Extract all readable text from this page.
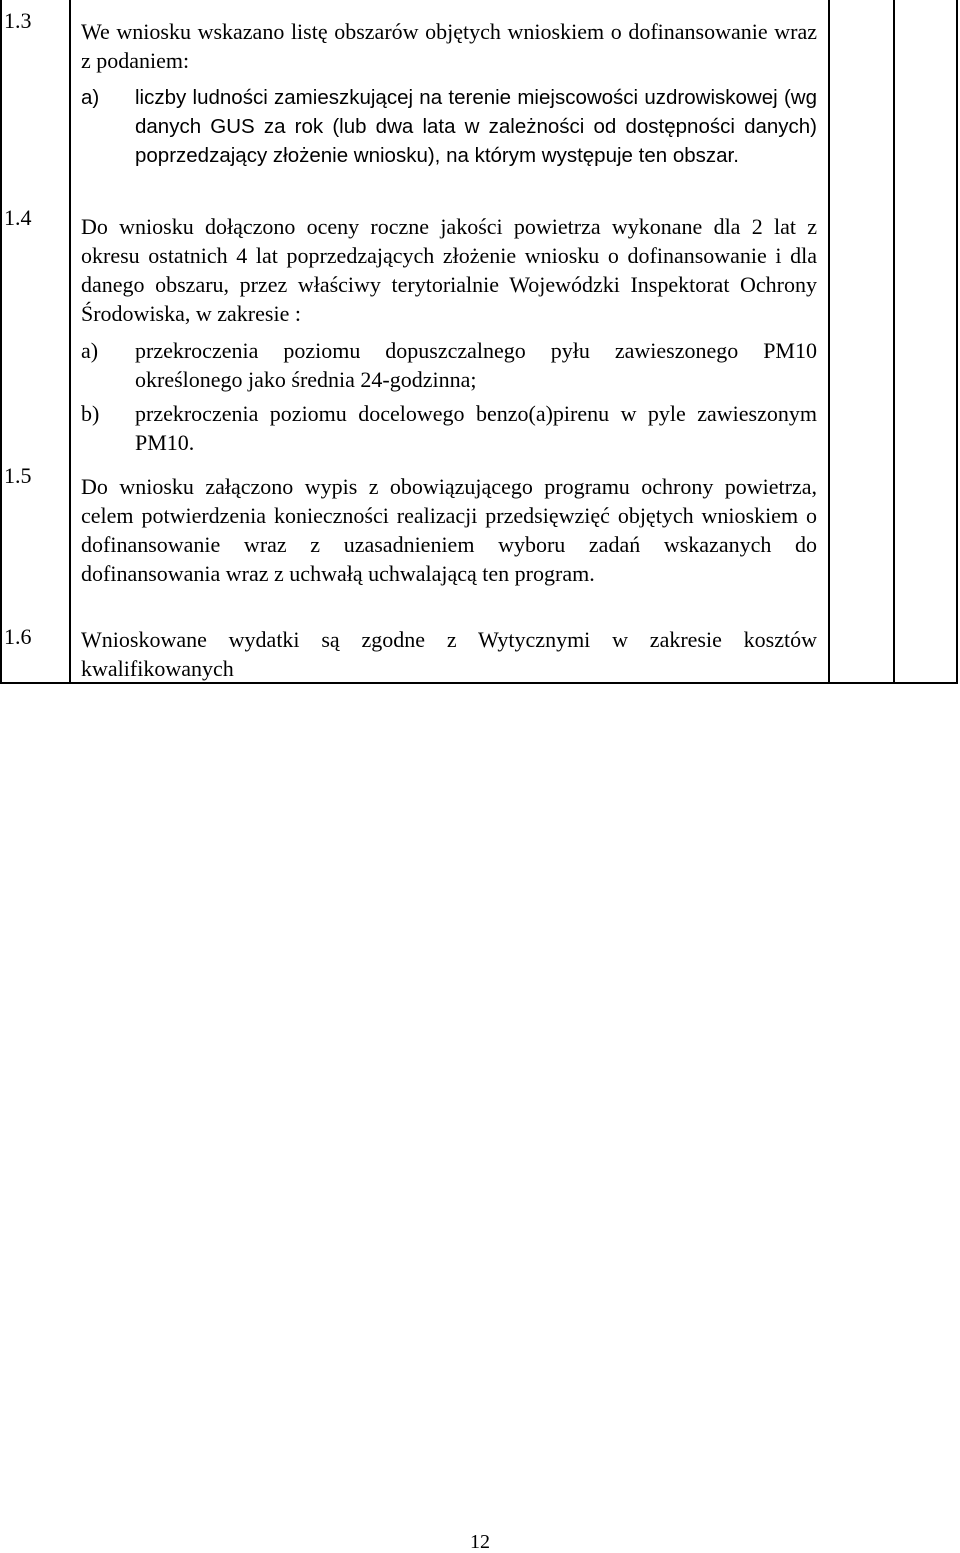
1.3 We wniosku wskazano listę obszarów objętych wnioskiem o dofinansowanie wraz z podaniem:
a) liczby ludności zamieszkującej na terenie miejscowości uzdrowiskowej (wg danych GUS za rok (lub dwa lata w zależności od dostępności danych) poprzedzający złożenie wniosku), na którym występuje ten obszar.
1.4 Do wniosku dołączono oceny roczne jakości powietrza wykonane dla 2 lat z okresu ostatnich 4 lat poprzedzających złożenie wniosku o dofinansowanie i dla danego obszaru, przez właściwy terytorialnie Wojewódzki Inspektorat Ochrony Środowiska, w zakresie :
a) przekroczenia poziomu dopuszczalnego pyłu zawieszonego PM10 określonego jako średnia 24-godzinna;
b) przekroczenia poziomu docelowego benzo(a)pirenu w pyle zawieszonym PM10.
1.5 Do wniosku załączono wypis z obowiązującego programu ochrony powietrza, celem potwierdzenia konieczności realizacji przedsięwzięć objętych wnioskiem o dofinansowanie wraz z uzasadnieniem wyboru zadań wskazanych do dofinansowania wraz z uchwałą uchwalającą ten program.
1.6 Wnioskowane wydatki są zgodne z Wytycznymi w zakresie kosztów kwalifikowanych
12
